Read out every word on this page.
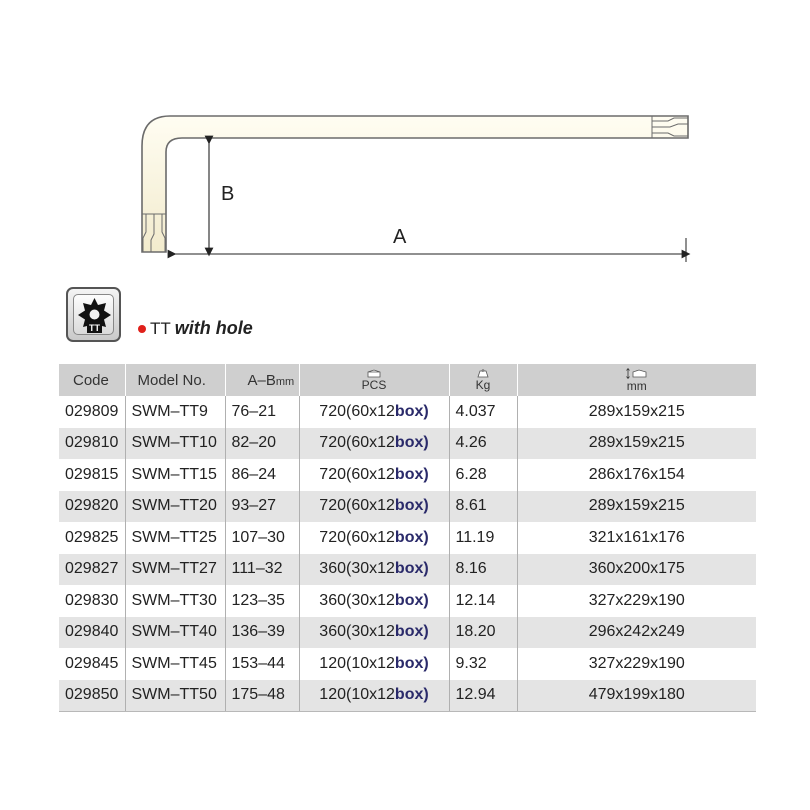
A
B
TT	TT with hole
Code	Model No.	A–Bmm	PCS	Kg	mm

029809	SWM–TT9	76–21	720(60x12box)	4.037	289x159x215
029810	SWM–TT10	82–20	720(60x12box)	4.26	289x159x215
029815	SWM–TT15	86–24	720(60x12box)	6.28	286x176x154
029820	SWM–TT20	93–27	720(60x12box)	8.61	289x159x215
029825	SWM–TT25	107–30	720(60x12box)	11.19	321x161x176
029827	SWM–TT27	111–32	360(30x12box)	8.16	360x200x175
029830	SWM–TT30	123–35	360(30x12box)	12.14	327x229x190
029840	SWM–TT40	136–39	360(30x12box)	18.20	296x242x249
029845	SWM–TT45	153–44	120(10x12box)	9.32	327x229x190
029850	SWM–TT50	175–48	120(10x12box)	12.94	479x199x180
